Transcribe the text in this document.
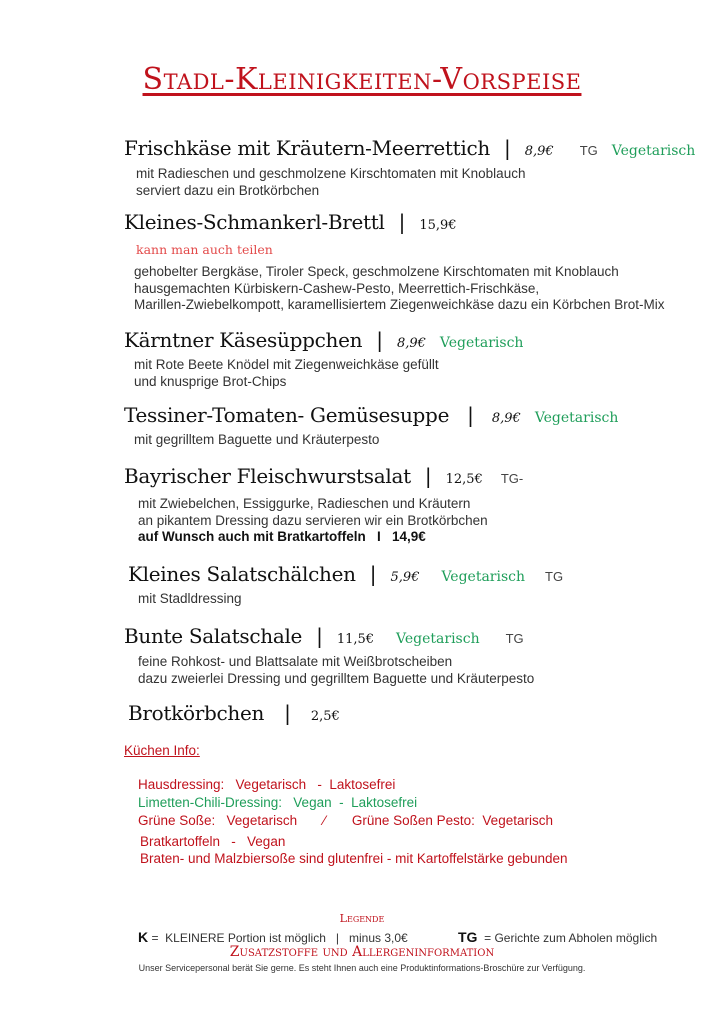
Stadl-Kleinigkeiten-Vorspeise
Frischkäse mit Kräutern-Meerrettich | 8,9€ TG Vegetarisch
mit Radieschen und geschmolzene Kirschtomaten mit Knoblauch
serviert dazu ein Brotkörbchen
Kleines-Schmankerl-Brettl | 15,9€
kann man auch teilen
gehobelter Bergkäse, Tiroler Speck, geschmolzene Kirschtomaten mit Knoblauch
hausgemachten Kürbiskern-Cashew-Pesto, Meerrettich-Frischkäse,
Marillen-Zwiebelkompott, karamellisiertem Ziegenweichkäse dazu ein Körbchen Brot-Mix
Kärntner Käsesüppchen | 8,9€ Vegetarisch
mit Rote Beete Knödel mit Ziegenweichkäse gefüllt
und knusprige Brot-Chips
Tessiner-Tomaten- Gemüsesuppe | 8,9€ Vegetarisch
mit gegrilltem Baguette und Kräuterpesto
Bayrischer Fleischwurstsalat | 12,5€ TG-
mit Zwiebelchen, Essiggurke, Radieschen und Kräutern
an pikantem Dressing dazu servieren wir ein Brotkörbchen
auf Wunsch auch mit Bratkartoffeln   I   14,9€
Kleines Salatschälchen | 5,9€ Vegetarisch TG
mit Stadldressing
Bunte Salatschale | 11,5€ Vegetarisch TG
feine Rohkost- und Blattsalate mit Weißbrotscheiben
dazu zweierlei Dressing und gegrilltem Baguette und Kräuterpesto
Brotkörbchen | 2,5€
Küchen Info:
Hausdressing:   Vegetarisch   -  Laktosefrei
Limetten-Chili-Dressing:   Vegan  -  Laktosefrei
Grüne Soße:   Vegetarisch       ⁄       Grüne Soßen Pesto:  Vegetarisch
Bratkartoffeln   -   Vegan
Braten- und Malzbiersoße sind glutenfrei - mit Kartoffelstärke gebunden
Legende

K =  KLEINERE Portion ist möglich   |   minus 3,0€

	TG  = Gerichte zum Abholen möglich

Zusatzstoffe und Allergeninformation
Unser Servicepersonal berät Sie gerne. Es steht Ihnen auch eine Produktinformations-Broschüre zur Verfügung.
